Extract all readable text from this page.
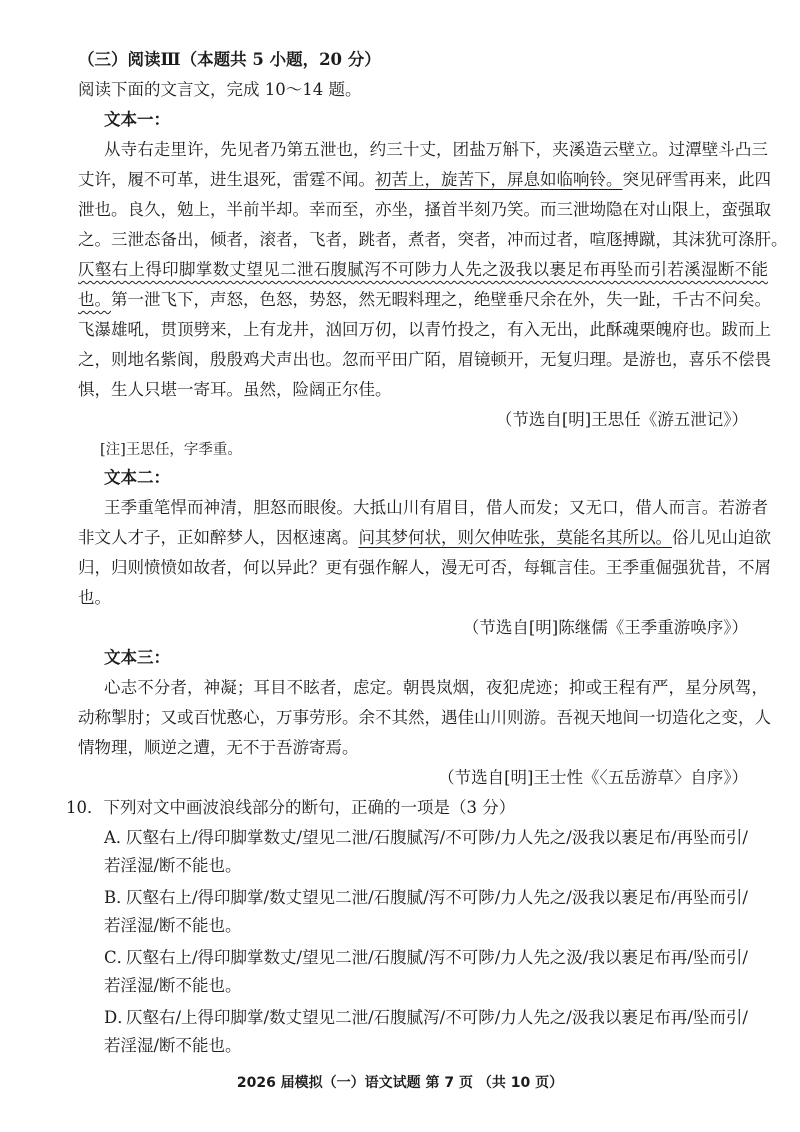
（三）阅读Ⅲ（本题共 5 小题，20 分）
阅读下面的文言文，完成 10～14 题。
文本一：
从寺右走里许，先见者乃第五泄也，约三十丈，团盐万斛下，夹溪造云壁立。过潭壁斗凸三
丈许，履不可革，进生退死，雷霆不闻。初苦上，旋苦下，屏息如临响铃。突见砰雪再来，此四
泄也。良久，勉上，半前半却。幸而至，亦坐，搔首半刻乃笑。而三泄坳隐在对山限上，蛮强取
之。三泄态备出，倾者，滚者，飞者，跳者，煮者，突者，冲而过者，喧豗搏蹴，其沫犹可涤肝。
仄壑右上得印脚掌数丈望见二泄石腹腻泻不可陟力人先之汲我以裹足布再坠而引若溪湿断不能
也。第一泄飞下，声怒，色怒，势怒，然无暇料理之，绝壁垂尺余在外，失一趾，千古不问矣。
飞瀑雄吼，贯顶劈来，上有龙井，汹回万仞，以青竹投之，有入无出，此酥魂栗魄府也。跋而上
之，则地名紫阆，殷殷鸡犬声出也。忽而平田广陌，眉镜顿开，无复归理。是游也，喜乐不偿畏
惧，生人只堪一寄耳。虽然，险阔正尔佳。
（节选自[明]王思任《游五泄记》）
[注]王思任，字季重。
文本二：
王季重笔悍而神清，胆怒而眼俊。大抵山川有眉目，借人而发；又无口，借人而言。若游者
非文人才子，正如醉梦人，因枢速离。问其梦何状，则欠伸咗张，莫能名其所以。俗儿见山迫欲
归，归则愤愤如故者，何以异此？更有强作解人，漫无可否，每辄言佳。王季重倔强犹昔，不屑
也。
（节选自[明]陈继儒《王季重游唤序》）
文本三：
心志不分者，神凝；耳目不眩者，虑定。朝畏岚烟，夜犯虎迹；抑或王程有严，星分夙驾，
动称掣肘；又或百忧憨心，万事劳形。余不其然，遇佳山川则游。吾视天地间一切造化之变，人
情物理，顺逆之遭，无不于吾游寄焉。
（节选自[明]王士性《〈五岳游草〉自序》）
10．下列对文中画波浪线部分的断句，正确的一项是（3 分）
A．仄壑右上/得印脚掌数丈/望见二泄/石腹腻泻/不可陟/力人先之/汲我以裹足布/再坠而引/
若淫湿/断不能也。
B．仄壑右上/得印脚掌/数丈望见二泄/石腹腻/泻不可陟/力人先之/汲我以裹足布/再坠而引/
若淫湿/断不能也。
C．仄壑右上/得印脚掌数丈/望见二泄/石腹腻/泻不可陟/力人先之汲/我以裹足布再/坠而引/
若淫湿/断不能也。
D．仄壑右/上得印脚掌/数丈望见二泄/石腹腻泻/不可陟/力人先之/汲我以裹足布再/坠而引/
若淫湿/断不能也。
2026 届模拟（一）语文试题 第 7 页 （共 10 页）
